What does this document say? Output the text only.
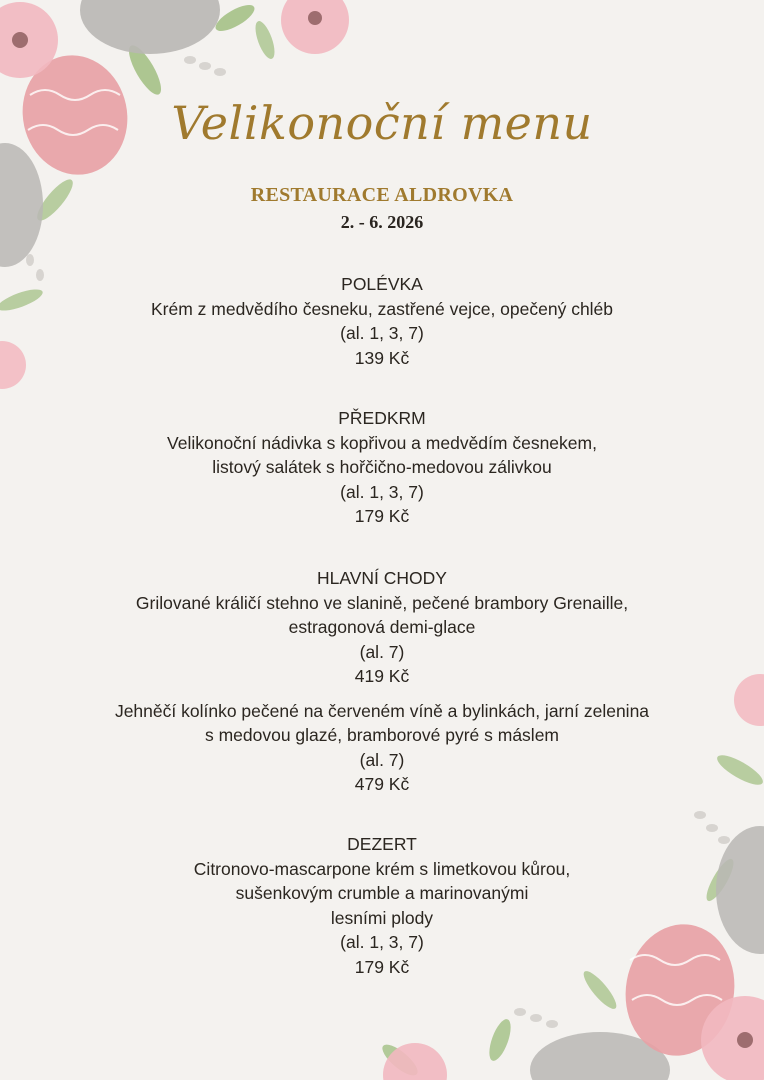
Velikonoční menu
RESTAURACE ALDROVKA
2. - 6. 2026
POLÉVKA
Krém z medvědího česneku, zastřené vejce, opečený chléb
(al. 1, 3, 7)
139 Kč
PŘEDKRM
Velikonoční nádivka s kopřivou a medvědím česnekem,
listový salátek s hořčično-medovou zálivkou
(al. 1, 3, 7)
179 Kč
HLAVNÍ CHODY
Grilované králičí stehno ve slanině, pečené brambory Grenaille,
estragonová demi-glace
(al. 7)
419 Kč
Jehněčí kolínko pečené na červeném víně a bylinkách, jarní zelenina
s medovou glazé, bramborové pyré s máslem
(al. 7)
479 Kč
DEZERT
Citronovo-mascarpone krém s limetkovou kůrou,
sušenkovým crumble a marinovanými
lesními plody
(al. 1, 3, 7)
179 Kč
